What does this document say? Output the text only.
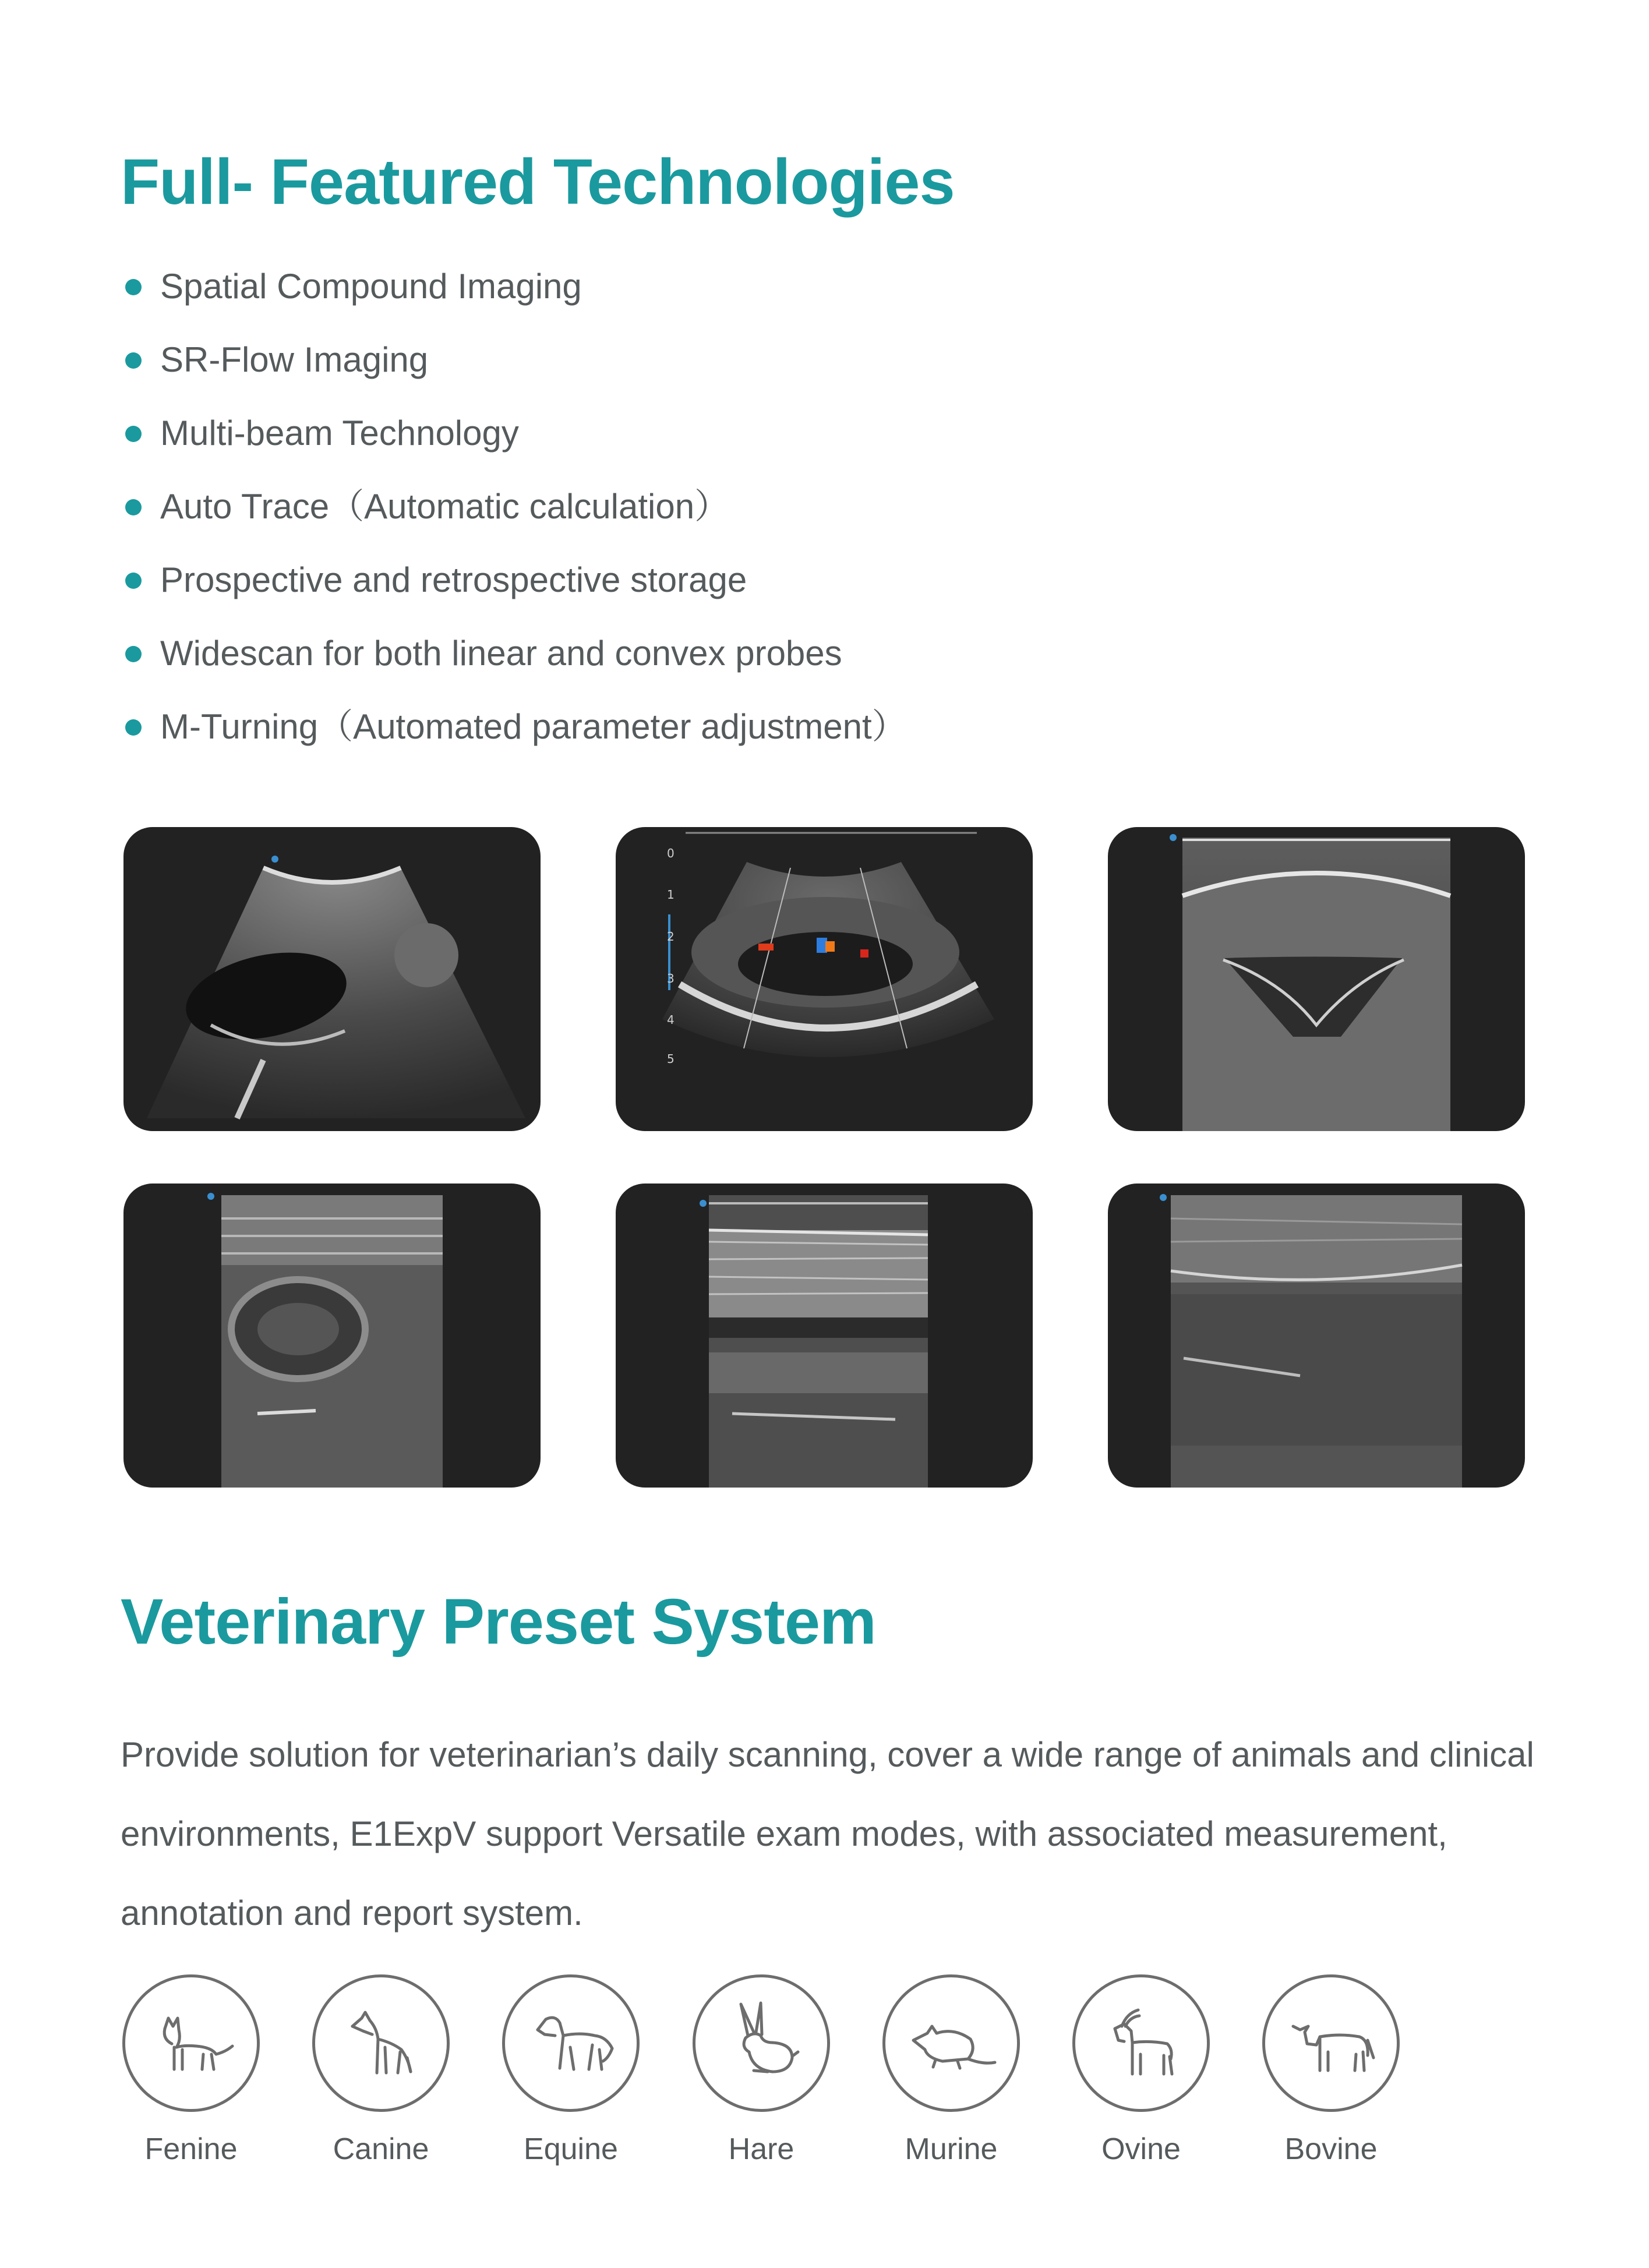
Full- Featured Technologies
Spatial Compound Imaging
SR-Flow Imaging
Multi-beam Technology
Auto Trace（Automatic calculation）
Prospective and retrospective storage
Widescan for both linear and convex probes
M-Turning（Automated parameter adjustment）
0
1
2
3
4
5
Veterinary Preset System

Provide solution for veterinarian’s daily scanning, cover a wide range of animals and clinical environments, E1ExpV support Versatile exam modes, with associated measurement, annotation and report system.

Fenine	Canine	Equine	Hare	Murine	Ovine	Bovine
